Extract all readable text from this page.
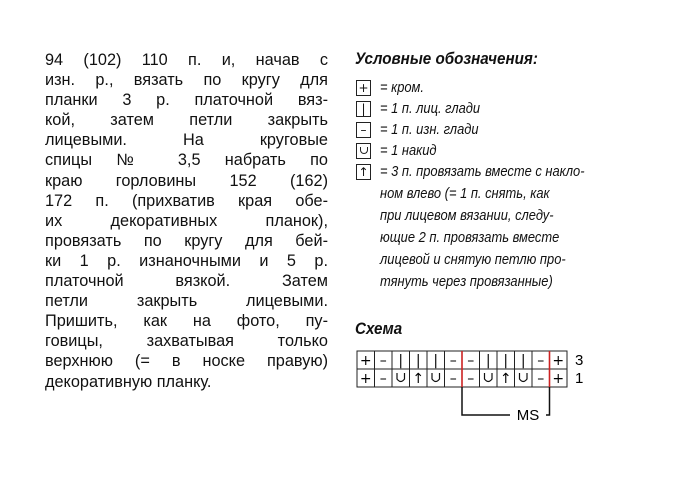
94 (102) 110 п. и, начав с
изн. р., вязать по кругу для
планки 3 р. платочной вяз-
кой, затем петли закрыть
лицевыми. На круговые
спицы № 3,5 набрать по
краю горловины 152 (162)
172 п. (прихватив края обе-
их декоративных планок),
провязать по кругу для бей-
ки 1 р. изнаночными и 5 р.
платочной вязкой. Затем
петли закрыть лицевыми.
Пришить, как на фото, пу-
говицы, захватывая только
верхнюю (= в носке правую)
декоративную планку.
Условные обозначения:
+ = кром.
| = 1 п. лиц. глади
– = 1 п. изн. глади
= 1 накид
↑ = 3 п. провязать вместе с накло-
ном влево (= 1 п. снять, как
при лицевом вязании, следу-
ющие 2 п. провязать вместе
лицевой и снятую петлю про-
тянуть через провязанные)
Схема
+ – | | | – – | | | – + 3
+ – ↑ – – ↑ – + 1
MS
